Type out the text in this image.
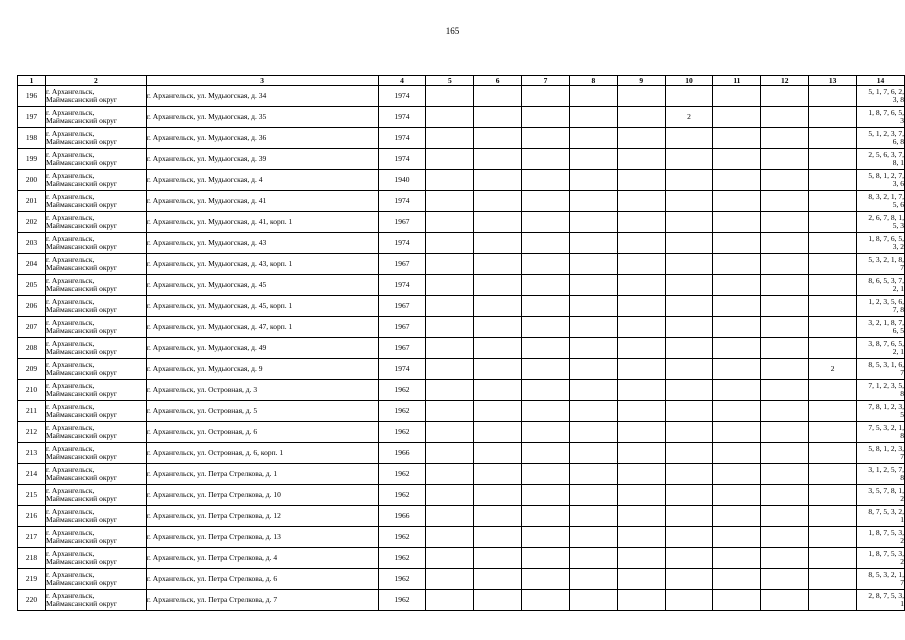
165
1	2	3	4	5	6	7	8	9	10	11	12	13	14
196	г. Архангельск,
Маймаксанский округ	г. Архангельск, ул. Мудьюгская, д. 34	1974										5, 1, 7, 6, 2,
3, 8

197	г. Архангельск,
Маймаксанский округ	г. Архангельск, ул. Мудьюгская, д. 35	1974						2				1, 8, 7, 6, 5,
3

198	г. Архангельск,
Маймаксанский округ	г. Архангельск, ул. Мудьюгская, д. 36	1974										5, 1, 2, 3, 7,
6, 8

199	г. Архангельск,
Маймаксанский округ	г. Архангельск, ул. Мудьюгская, д. 39	1974										2, 5, 6, 3, 7,
8, 1

200	г. Архангельск,
Маймаксанский округ	г. Архангельск, ул. Мудьюгская, д. 4	1940										5, 8, 1, 2, 7,
3, 6

201	г. Архангельск,
Маймаксанский округ	г. Архангельск, ул. Мудьюгская, д. 41	1974										8, 3, 2, 1, 7,
5, 6

202	г. Архангельск,
Маймаксанский округ	г. Архангельск, ул. Мудьюгская, д. 41, корп. 1	1967										2, 6, 7, 8, 1,
5, 3

203	г. Архангельск,
Маймаксанский округ	г. Архангельск, ул. Мудьюгская, д. 43	1974										1, 8, 7, 6, 5,
3, 2

204	г. Архангельск,
Маймаксанский округ	г. Архангельск, ул. Мудьюгская, д. 43, корп. 1	1967										5, 3, 2, 1, 8,
7

205	г. Архангельск,
Маймаксанский округ	г. Архангельск, ул. Мудьюгская, д. 45	1974										8, 6, 5, 3, 7,
2, 1

206	г. Архангельск,
Маймаксанский округ	г. Архангельск, ул. Мудьюгская, д. 45, корп. 1	1967										1, 2, 3, 5, 6,
7, 8

207	г. Архангельск,
Маймаксанский округ	г. Архангельск, ул. Мудьюгская, д. 47, корп. 1	1967										3, 2, 1, 8, 7,
6, 5

208	г. Архангельск,
Маймаксанский округ	г. Архангельск, ул. Мудьюгская, д. 49	1967										3, 8, 7, 6, 5,
2, 1

209	г. Архангельск,
Маймаксанский округ	г. Архангельск, ул. Мудьюгская, д. 9	1974									2	8, 5, 3, 1, 6,
7

210	г. Архангельск,
Маймаксанский округ	г. Архангельск, ул. Островная, д. 3	1962										7, 1, 2, 3, 5,
8

211	г. Архангельск,
Маймаксанский округ	г. Архангельск, ул. Островная, д. 5	1962										7, 8, 1, 2, 3,
5

212	г. Архангельск,
Маймаксанский округ	г. Архангельск, ул. Островная, д. 6	1962										7, 5, 3, 2, 1,
8

213	г. Архангельск,
Маймаксанский округ	г. Архангельск, ул. Островная, д. 6, корп. 1	1966										5, 8, 1, 2, 3,
7

214	г. Архангельск,
Маймаксанский округ	г. Архангельск, ул. Петра Стрелкова, д. 1	1962										3, 1, 2, 5, 7,
8

215	г. Архангельск,
Маймаксанский округ	г. Архангельск, ул. Петра Стрелкова, д. 10	1962										3, 5, 7, 8, 1,
2

216	г. Архангельск,
Маймаксанский округ	г. Архангельск, ул. Петра Стрелкова, д. 12	1966										8, 7, 5, 3, 2,
1

217	г. Архангельск,
Маймаксанский округ	г. Архангельск, ул. Петра Стрелкова, д. 13	1962										1, 8, 7, 5, 3,
2

218	г. Архангельск,
Маймаксанский округ	г. Архангельск, ул. Петра Стрелкова, д. 4	1962										1, 8, 7, 5, 3,
2

219	г. Архангельск,
Маймаксанский округ	г. Архангельск, ул. Петра Стрелкова, д. 6	1962										8, 5, 3, 2, 1,
7

220	г. Архангельск,
Маймаксанский округ	г. Архангельск, ул. Петра Стрелкова, д. 7	1962										2, 8, 7, 5, 3,
1
